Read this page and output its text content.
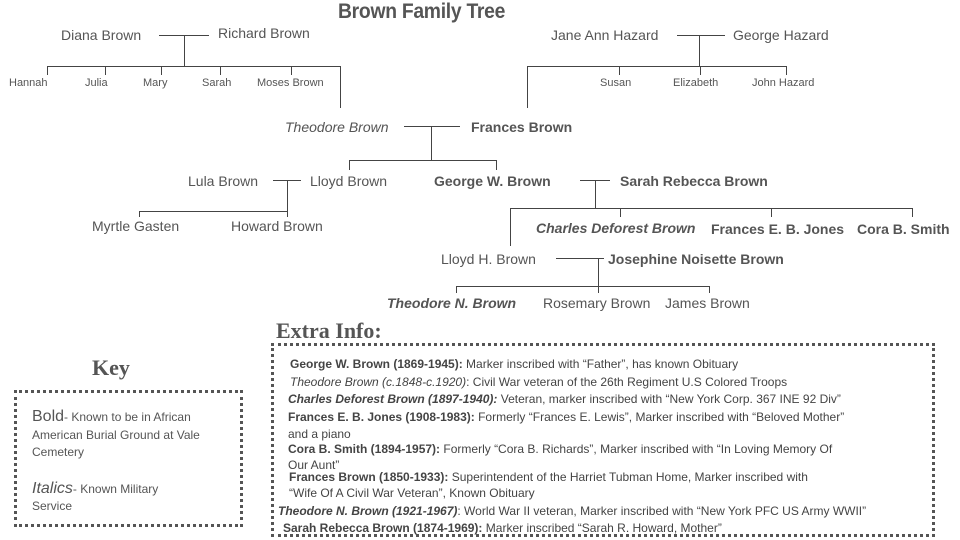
Brown Family Tree
Diana Brown	Richard Brown
Hannah	Julia	Mary	Sarah Moses Brown
Jane Ann Hazard	George Hazard
Susan	Elizabeth	John Hazard
Theodore Brown	Frances Brown
Lula Brown	Lloyd Brown	George W. Brown	Sarah Rebecca Brown
Myrtle Gasten	Howard Brown	Charles Deforest Brown Frances E. B. Jones Cora B. Smith
Lloyd H. Brown	Josephine Noisette Brown
Theodore N. Brown Rosemary Brown James Brown
Key
Bold- Known to be in African
American Burial Ground at Vale
Cemetery
Italics- Known Military
Service
Extra Info:
George W. Brown (1869-1945): Marker inscribed with “Father”, has known Obituary
Theodore Brown (c.1848-c.1920): Civil War veteran of the 26th Regiment U.S Colored Troops
Charles Deforest Brown (1897-1940): Veteran, marker inscribed with “New York Corp. 367 INE 92 Div”
Frances E. B. Jones (1908-1983): Formerly “Frances E. Lewis”, Marker inscribed with “Beloved Mother”
and a piano
Cora B. Smith (1894-1957): Formerly “Cora B. Richards”, Marker inscribed with “In Loving Memory Of
Our Aunt”
Frances Brown (1850-1933): Superintendent of the Harriet Tubman Home, Marker inscribed with
“Wife Of A Civil War Veteran”, Known Obituary
Theodore N. Brown (1921-1967): World War II veteran, Marker inscribed with “New York PFC US Army WWII”
Sarah Rebecca Brown (1874-1969): Marker inscribed “Sarah R. Howard, Mother”
